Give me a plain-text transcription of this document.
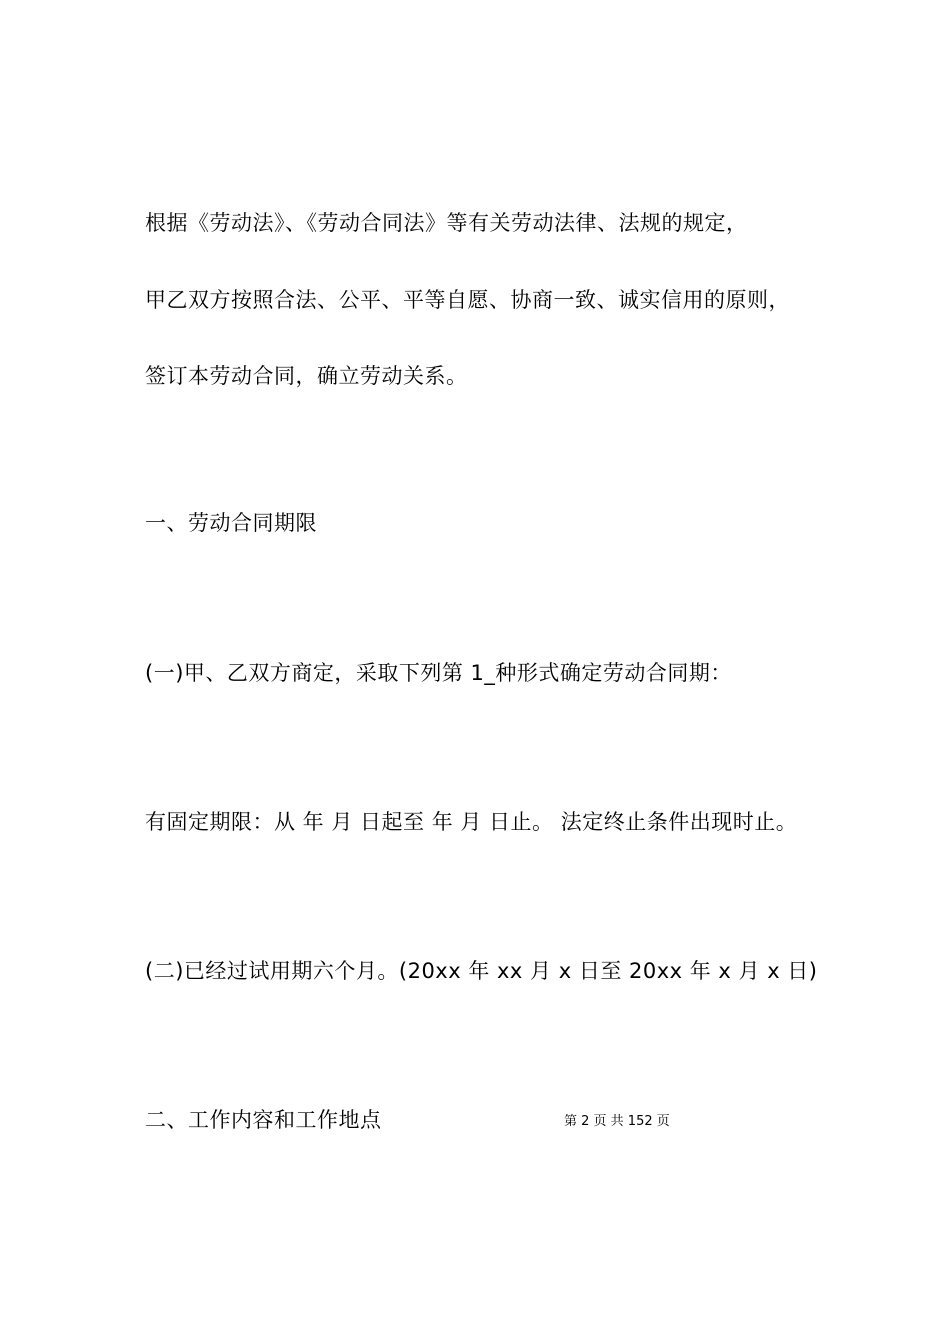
根据《劳动法》、《劳动合同法》等有关劳动法律、法规的规定，
甲乙双方按照合法、公平、平等自愿、协商一致、诚实信用的原则，
签订本劳动合同，确立劳动关系。
一、劳动合同期限
(一)甲、乙双方商定，采取下列第 1_种形式确定劳动合同期：
有固定期限：从 年 月 日起至 年 月 日止。 法定终止条件出现时止。
(二)已经过试用期六个月。(20xx 年 xx 月 x 日至 20xx 年 x 月 x 日)
二、工作内容和工作地点	第 2 页 共 152 页
